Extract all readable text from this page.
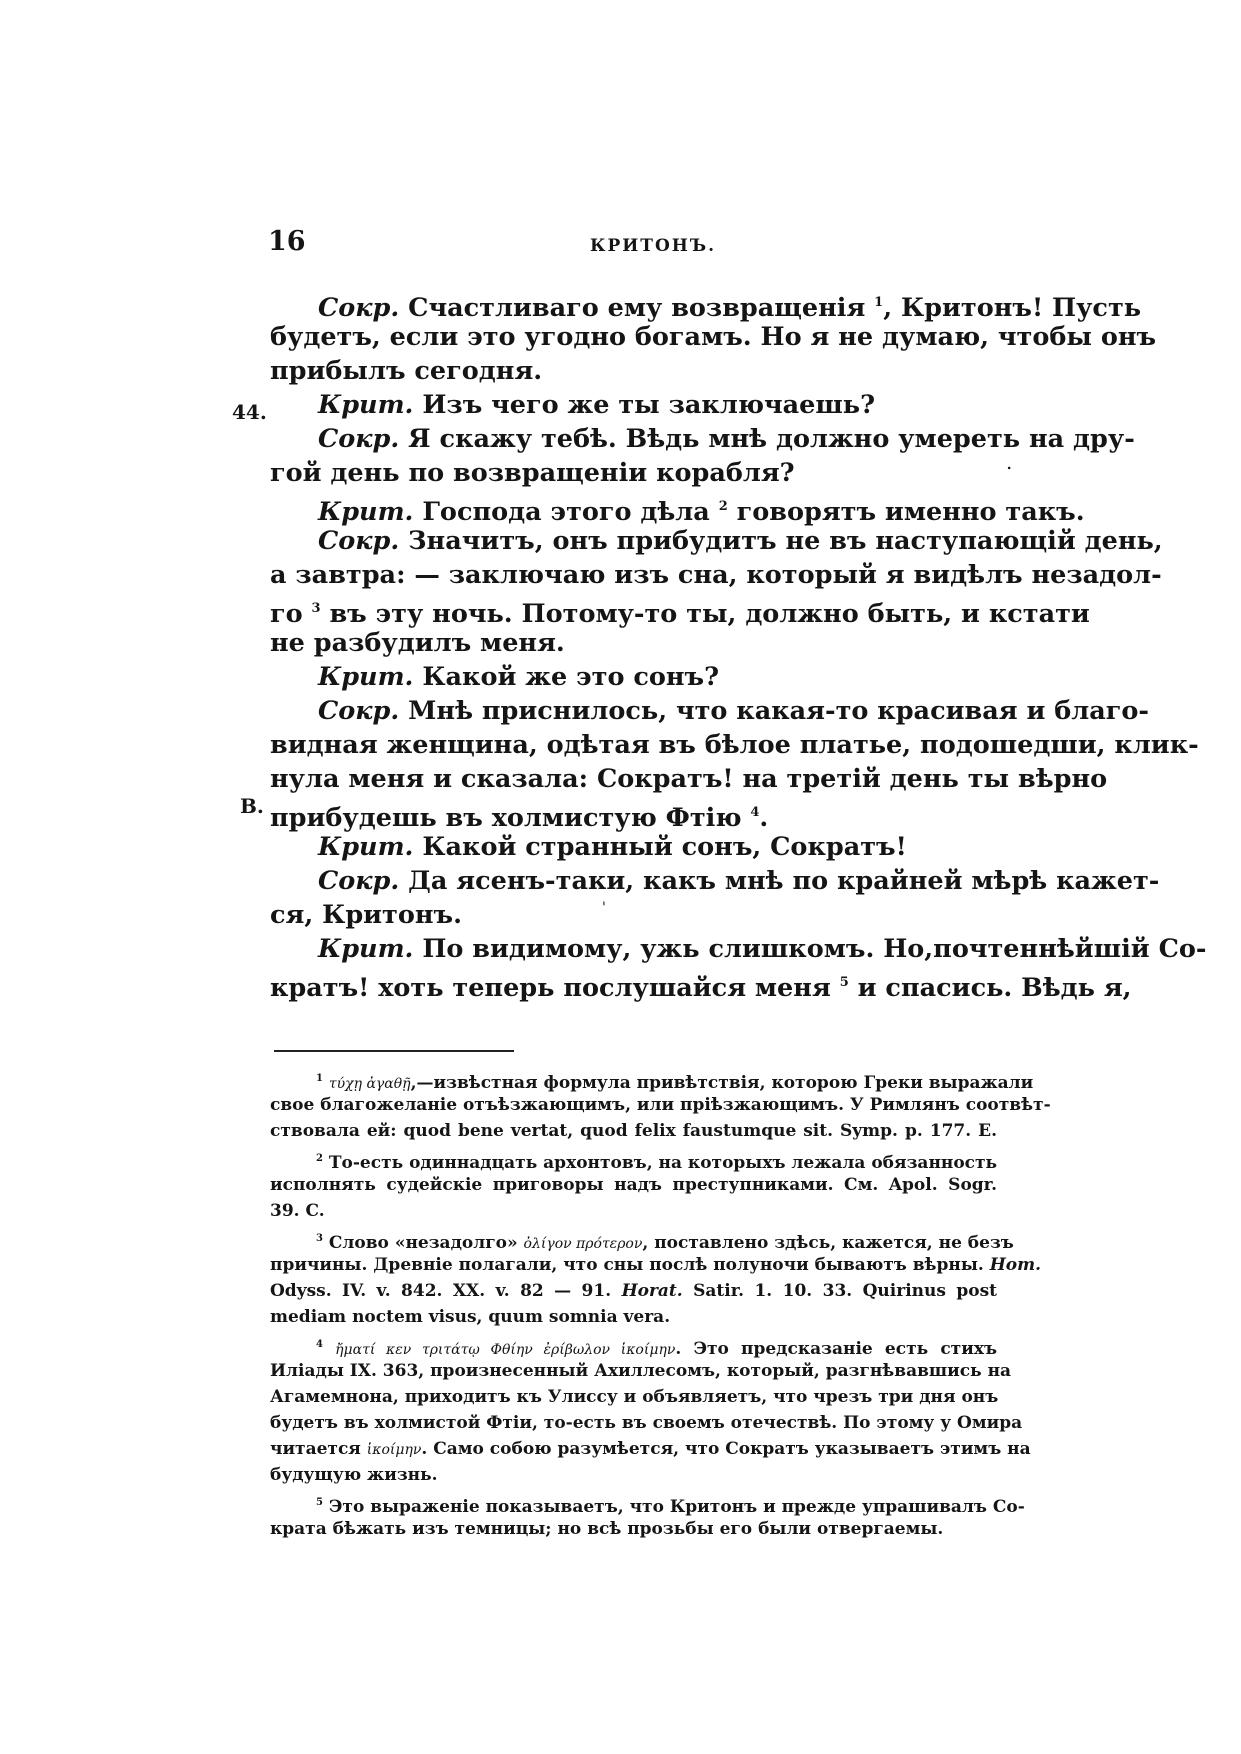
16	КРИТОНЪ.
44.
B.
.
'
Сокр. Счастливаго ему возвращенія $^1$, Критонъ! Пусть
будетъ, если это угодно богамъ. Но я не думаю, чтобы онъ
прибылъ сегодня.
Крит. Изъ чего же ты заключаешь?
Сокр. Я скажу тебѣ. Вѣдь мнѣ должно умереть на дру-
гой день по возвращеніи корабля?
Крит. Господа этого дѣла $^2$ говорятъ именно такъ.
Сокр. Значитъ, онъ прибудитъ не въ наступающій день,
а завтра: — заключаю изъ сна, который я видѣлъ незадол-
го $^3$ въ эту ночь. Потому-то ты, должно быть, и кстати
не разбудилъ меня.
Крит. Какой же это сонъ?
Сокр. Мнѣ приснилось, что какая-то красивая и благо-
видная женщина, одѣтая въ бѣлое платье, подошедши, клик-
нула меня и сказала: Сократъ! на третій день ты вѣрно
прибудешь въ холмистую Фтію $^4$.
Крит. Какой странный сонъ, Сократъ!
Сокр. Да ясенъ-таки, какъ мнѣ по крайней мѣрѣ кажет-
ся, Критонъ.
Крит. По видимому, ужь слишкомъ. Но,почтеннѣйшій Со-
кратъ! хоть теперь послушайся меня $^5$ и спасись. Вѣдь я,
$^1$ τύχῃ ἀγαθῇ,—извѣстная формула привѣтствія, которою Греки выражали
свое благожеланіе отъѣзжающимъ, или пріѣзжающимъ. У Римлянъ соотвѣт-
ствовала ей: quod bene vertat, quod felix faustumque sit. Symp. p. 177. E.
$^2$ То-есть одиннадцать архонтовъ, на которыхъ лежала обязанность
исполнять судейскіе приговоры надъ преступниками. См. Apol. Sogr.
39. C.
$^3$ Слово «незадолго» ὀλίγον πρότερον, поставлено здѣсь, кажется, не безъ
причины. Древніе полагали, что сны послѣ полуночи бываютъ вѣрны. Hom.
Odyss. IV. v. 842. XX. v. 82 — 91. Horat. Satir. 1. 10. 33. Quirinus post
mediam noctem visus, quum somnia vera.
$^4$ ἤματί κεν τριτάτῳ Φθίην ἐρίβωλον ἱκοίμην. Это предсказаніе есть стихъ
Иліады IX. 363, произнесенный Ахиллесомъ, который, разгнѣвавшись на
Агамемнона, приходитъ къ Улиссу и объявляетъ, что чрезъ три дня онъ
будетъ въ холмистой Фтіи, то-есть въ своемъ отечествѣ. По этому у Омира
читается ἱκοίμην. Само собою разумѣется, что Сократъ указываетъ этимъ на
будущую жизнь.
$^5$ Это выраженіе показываетъ, что Критонъ и прежде упрашивалъ Со-
крата бѣжать изъ темницы; но всѣ прозьбы его были отвергаемы.
